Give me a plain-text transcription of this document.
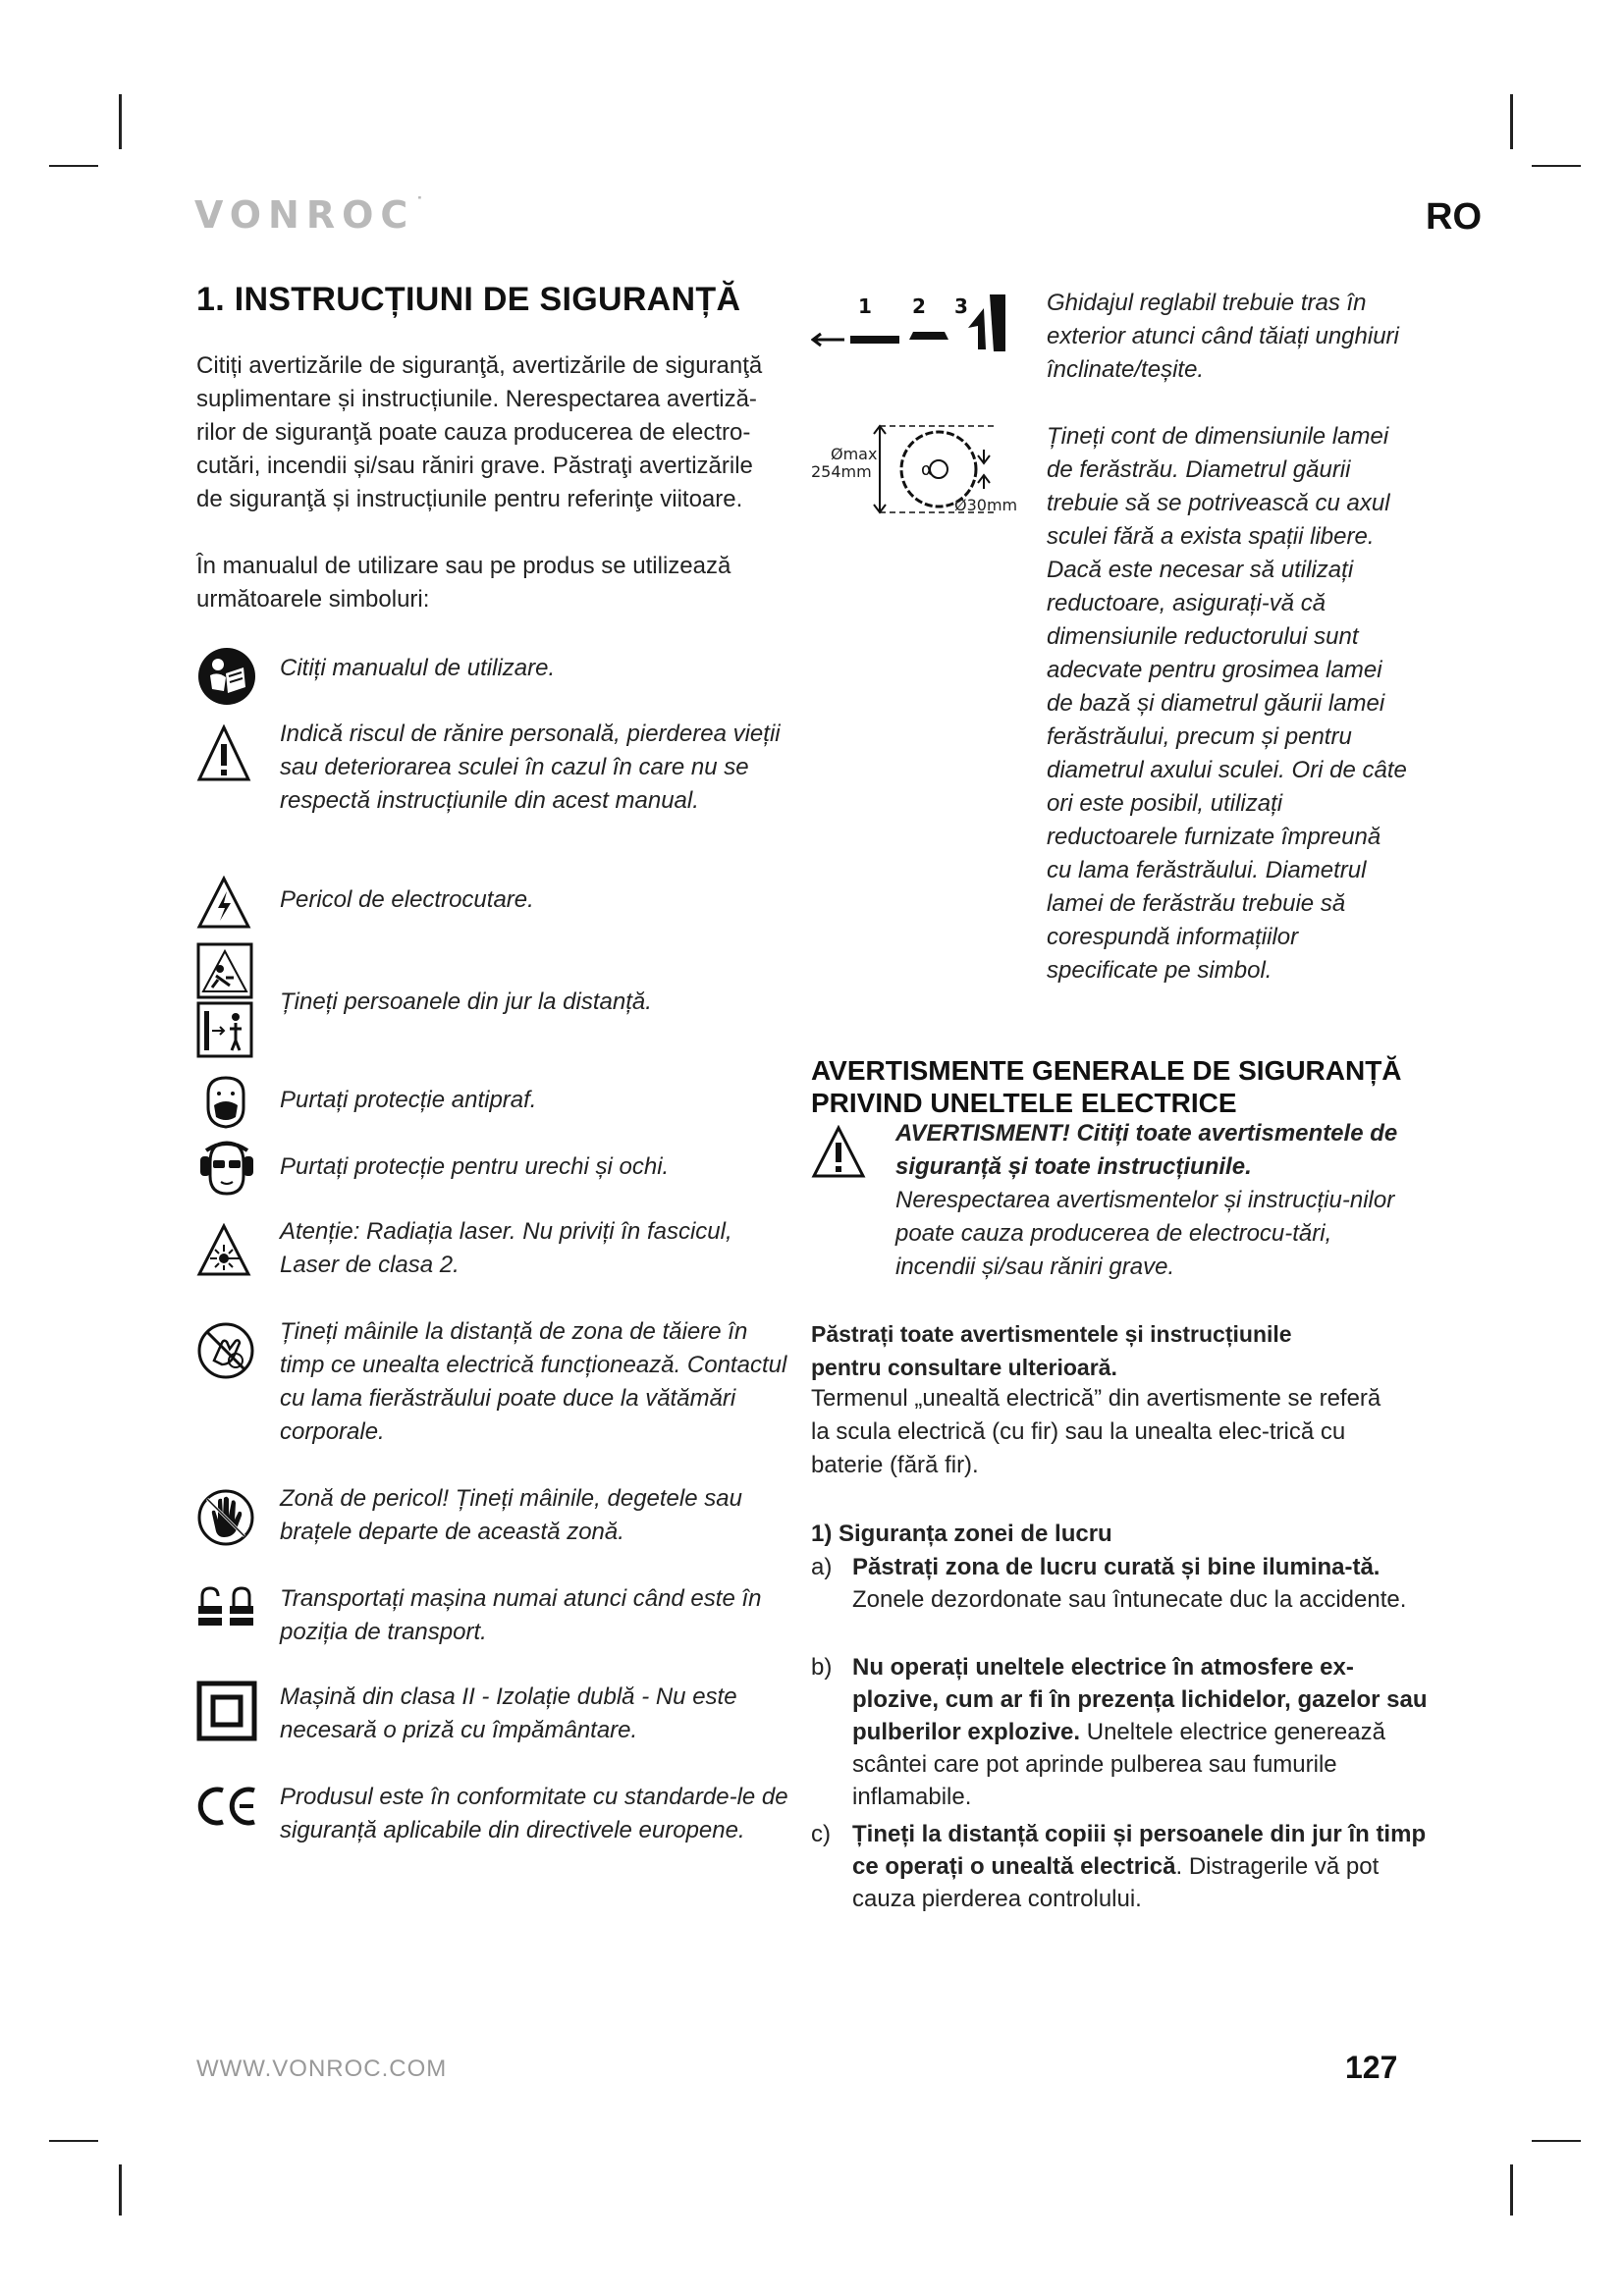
VONROC˙	RO
1. INSTRUCȚIUNI DE SIGURANȚĂ
Citiți avertizările de siguranţă, avertizările de siguranţă suplimentare și instrucțiunile. Nerespectarea avertiză-rilor de siguranţă poate cauza producerea de electro-cutări, incendii și/sau răniri grave. Păstraţi avertizările de siguranţă și instrucțiunile pentru referinţe viitoare.
În manualul de utilizare sau pe produs se utilizează următoarele simboluri:
Citiți manualul de utilizare.
Indică riscul de rănire personală, pierderea vieții sau deteriorarea sculei în cazul în care nu se respectă instrucțiunile din acest manual.
Pericol de electrocutare.
Țineți persoanele din jur la distanță.
Purtați protecție antipraf.
Purtați protecție pentru urechi și ochi.
Atenție: Radiația laser. Nu priviți în fascicul, Laser de clasa 2.
Țineți mâinile la distanță de zona de tăiere în timp ce unealta electrică funcționează. Contactul cu lama fierăstrăului poate duce la vătămări corporale.
Zonă de pericol! Țineți mâinile, degetele sau brațele departe de această zonă.
Transportați mașina numai atunci când este în poziția de transport.
Mașină din clasa II - Izolație dublă - Nu este necesară o priză cu împământare.
Produsul este în conformitate cu standarde-le de siguranță aplicabile din directivele europene.
1 2 3	Ghidajul reglabil trebuie tras în exterior atunci când tăiați unghiuri înclinate/teșite.
Ømax.
254mm	α
Ø30mm
Țineți cont de dimensiunile lamei de ferăstrău. Diametrul găurii trebuie să se potrivească cu axul sculei fără a exista spații libere. Dacă este necesar să utilizați reductoare, asigurați-vă că dimensiunile reductorului sunt adecvate pentru grosimea lamei de bază și diametrul găurii lamei ferăstrăului, precum și pentru diametrul axului sculei. Ori de câte ori este posibil, utilizați reductoarele furnizate împreună cu lama ferăstrăului. Diametrul lamei de ferăstrău trebuie să corespundă informațiilor specificate pe simbol.
AVERTISMENTE GENERALE DE SIGURANȚĂ PRIVIND UNELTELE ELECTRICE
AVERTISMENT! Citiți toate avertismentele de siguranță și toate instrucțiunile.
Nerespectarea avertismentelor și instrucțiu-nilor poate cauza producerea de electrocu-tări, incendii și/sau răniri grave.
Păstrați toate avertismentele și instrucțiunile pentru consultare ulterioară.
Termenul „unealtă electrică” din avertismente se referă la scula electrică (cu fir) sau la unealta elec-trică cu baterie (fără fir).
1) Siguranța zonei de lucru
a) Păstrați zona de lucru curată și bine ilumina-tă. Zonele dezordonate sau întunecate duc la accidente.
b) Nu operați uneltele electrice în atmosfere ex-plozive, cum ar fi în prezența lichidelor, gazelor sau pulberilor explozive. Uneltele electrice generează scântei care pot aprinde pulberea sau fumurile inflamabile.
c) Țineți la distanță copiii și persoanele din jur în timp ce operați o unealtă electrică. Distragerile vă pot cauza pierderea controlului.
WWW.VONROC.COM	127
